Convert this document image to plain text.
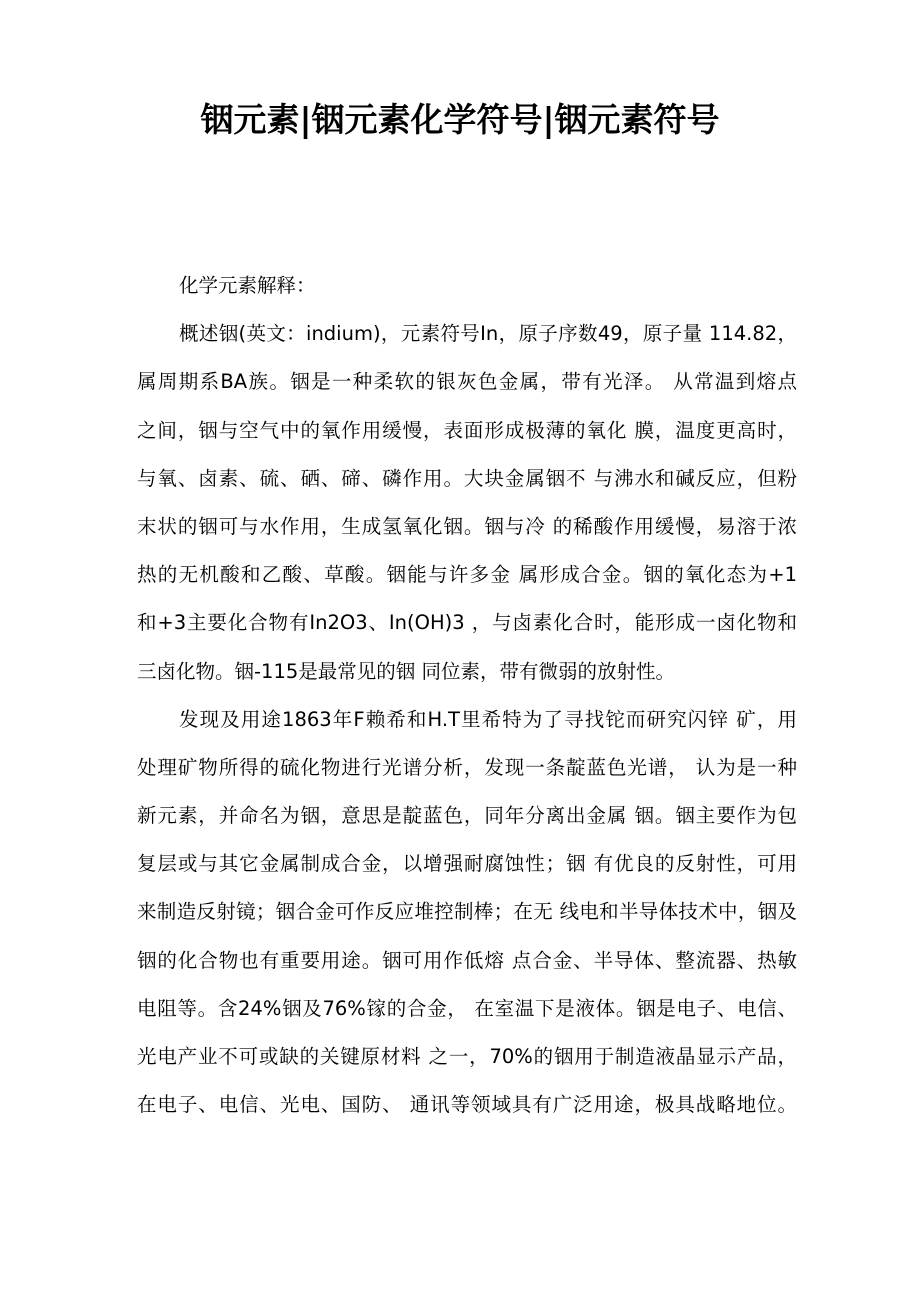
铟元素|铟元素化学符号|铟元素符号
化学元素解释：
概述铟(英文：indium)，元素符号In，原子序数49，原子量 114.82，
属周期系BA族。铟是一种柔软的银灰色金属，带有光泽。 从常温到熔点
之间，铟与空气中的氧作用缓慢，表面形成极薄的氧化 膜，温度更高时，
与氧、卤素、硫、硒、碲、磷作用。大块金属铟不 与沸水和碱反应，但粉
末状的铟可与水作用，生成氢氧化铟。铟与冷 的稀酸作用缓慢，易溶于浓
热的无机酸和乙酸、草酸。铟能与许多金 属形成合金。铟的氧化态为+1
和+3主要化合物有In2O3、In(OH)3 ，与卤素化合时，能形成一卤化物和
三卤化物。铟-115是最常见的铟 同位素，带有微弱的放射性。
发现及用途1863年F赖希和H.T里希特为了寻找铊而研究闪锌 矿，用
处理矿物所得的硫化物进行光谱分析，发现一条靛蓝色光谱， 认为是一种
新元素，并命名为铟，意思是靛蓝色，同年分离出金属 铟。铟主要作为包
复层或与其它金属制成合金，以增强耐腐蚀性；铟 有优良的反射性，可用
来制造反射镜；铟合金可作反应堆控制棒；在无 线电和半导体技术中，铟及
铟的化合物也有重要用途。铟可用作低熔 点合金、半导体、整流器、热敏
电阻等。含24%铟及76%镓的合金， 在室温下是液体。铟是电子、电信、
光电产业不可或缺的关键原材料 之一，70%的铟用于制造液晶显示产品，
在电子、电信、光电、国防、 通讯等领域具有广泛用途，极具战略地位。
